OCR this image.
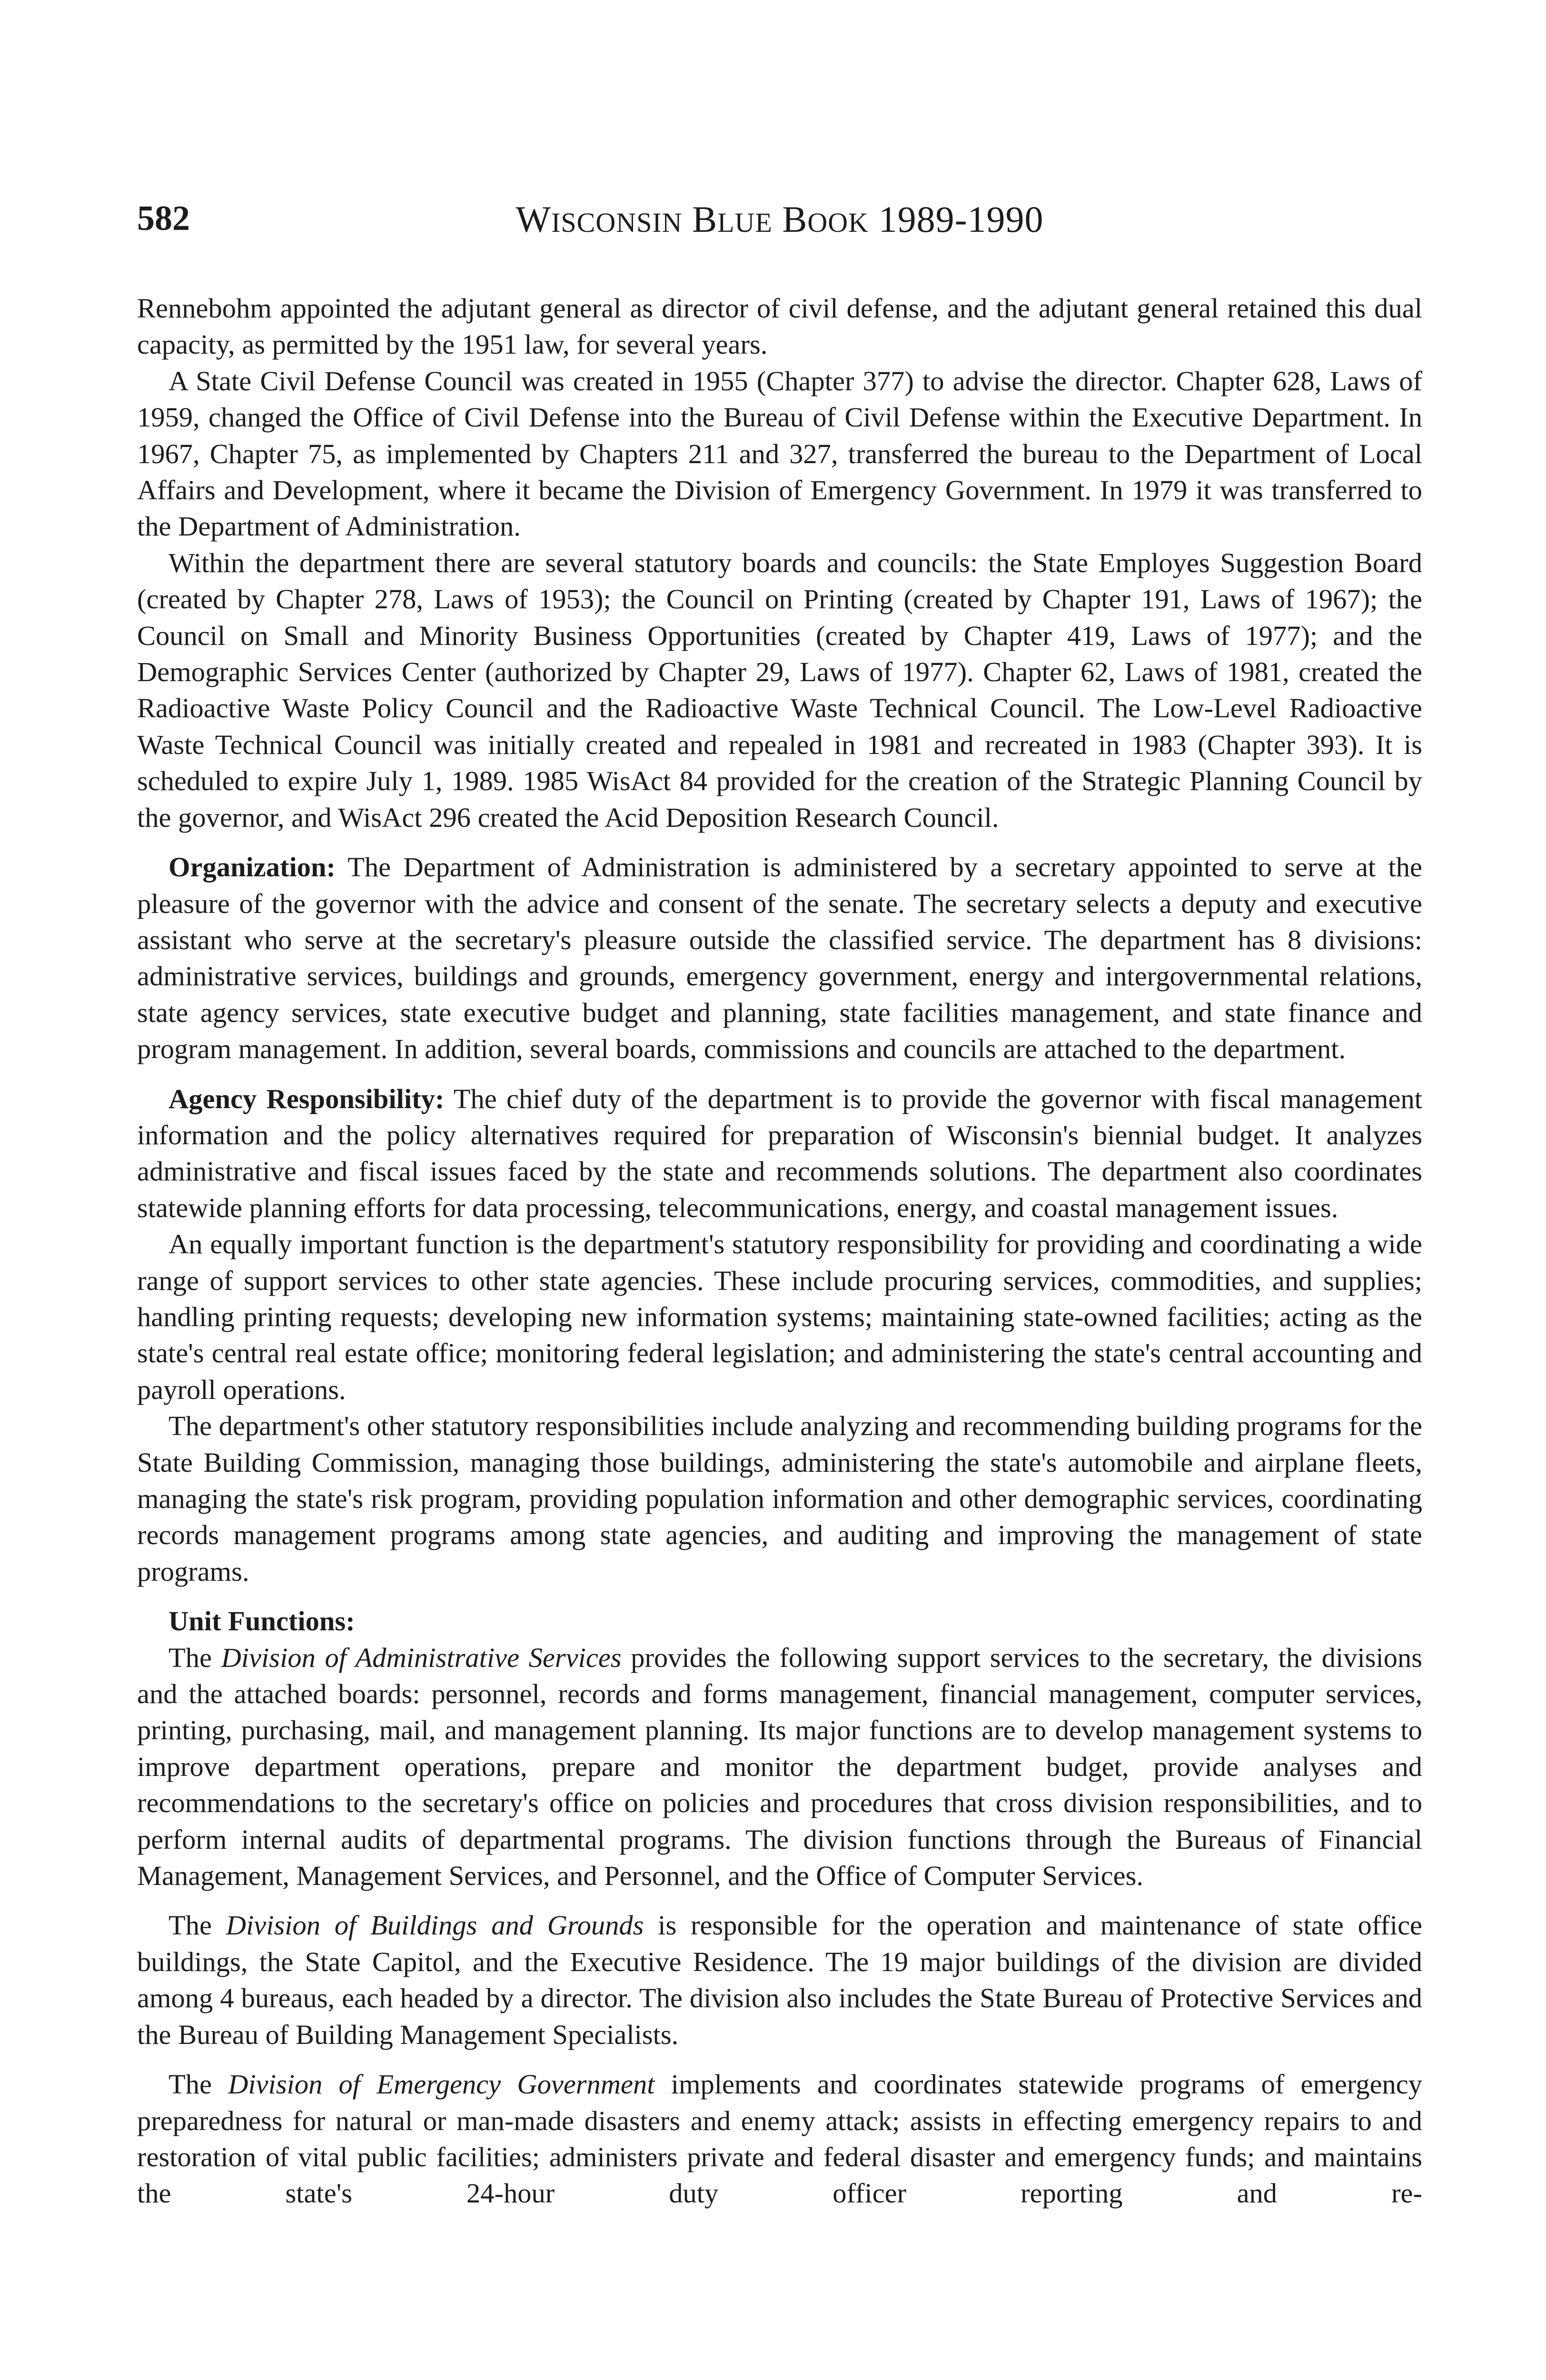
582	WISCONSIN BLUE BOOK 1989-1990

Rennebohm appointed the adjutant general as director of civil defense, and the adjutant general retained this dual capacity, as permitted by the 1951 law, for several years.

A State Civil Defense Council was created in 1955 (Chapter 377) to advise the director. Chapter 628, Laws of 1959, changed the Office of Civil Defense into the Bureau of Civil Defense within the Executive Department. In 1967, Chapter 75, as implemented by Chapters 211 and 327, transferred the bureau to the Department of Local Affairs and Development, where it became the Division of Emergency Government. In 1979 it was transferred to the Department of Administration.

Within the department there are several statutory boards and councils: the State Employes Suggestion Board (created by Chapter 278, Laws of 1953); the Council on Printing (created by Chapter 191, Laws of 1967); the Council on Small and Minority Business Opportunities (created by Chapter 419, Laws of 1977); and the Demographic Services Center (authorized by Chapter 29, Laws of 1977). Chapter 62, Laws of 1981, created the Radioactive Waste Policy Council and the Radioactive Waste Technical Council. The Low-Level Radioactive Waste Technical Council was initially created and repealed in 1981 and recreated in 1983 (Chapter 393). It is scheduled to expire July 1, 1989. 1985 WisAct 84 provided for the creation of the Strategic Planning Council by the governor, and WisAct 296 created the Acid Deposition Research Council.

Organization: The Department of Administration is administered by a secretary appointed to serve at the pleasure of the governor with the advice and consent of the senate. The secretary selects a deputy and executive assistant who serve at the secretary's pleasure outside the classified service. The department has 8 divisions: administrative services, buildings and grounds, emergency government, energy and intergovernmental relations, state agency services, state executive budget and planning, state facilities management, and state finance and program management. In addition, several boards, commissions and councils are attached to the department.

Agency Responsibility: The chief duty of the department is to provide the governor with fiscal management information and the policy alternatives required for preparation of Wisconsin's biennial budget. It analyzes administrative and fiscal issues faced by the state and recommends solutions. The department also coordinates statewide planning efforts for data processing, telecommunications, energy, and coastal management issues.

An equally important function is the department's statutory responsibility for providing and coordinating a wide range of support services to other state agencies. These include procuring services, commodities, and supplies; handling printing requests; developing new information systems; maintaining state-owned facilities; acting as the state's central real estate office; monitoring federal legislation; and administering the state's central accounting and payroll operations.

The department's other statutory responsibilities include analyzing and recommending building programs for the State Building Commission, managing those buildings, administering the state's automobile and airplane fleets, managing the state's risk program, providing population information and other demographic services, coordinating records management programs among state agencies, and auditing and improving the management of state programs.

Unit Functions:

The Division of Administrative Services provides the following support services to the secretary, the divisions and the attached boards: personnel, records and forms management, financial management, computer services, printing, purchasing, mail, and management planning. Its major functions are to develop management systems to improve department operations, prepare and monitor the department budget, provide analyses and recommendations to the secretary's office on policies and procedures that cross division responsibilities, and to perform internal audits of departmental programs. The division functions through the Bureaus of Financial Management, Management Services, and Personnel, and the Office of Computer Services.

The Division of Buildings and Grounds is responsible for the operation and maintenance of state office buildings, the State Capitol, and the Executive Residence. The 19 major buildings of the division are divided among 4 bureaus, each headed by a director. The division also includes the State Bureau of Protective Services and the Bureau of Building Management Specialists.

The Division of Emergency Government implements and coordinates statewide programs of emergency preparedness for natural or man-made disasters and enemy attack; assists in effecting emergency repairs to and restoration of vital public facilities; administers private and federal disaster and emergency funds; and maintains the state's 24-hour duty officer reporting and re-
